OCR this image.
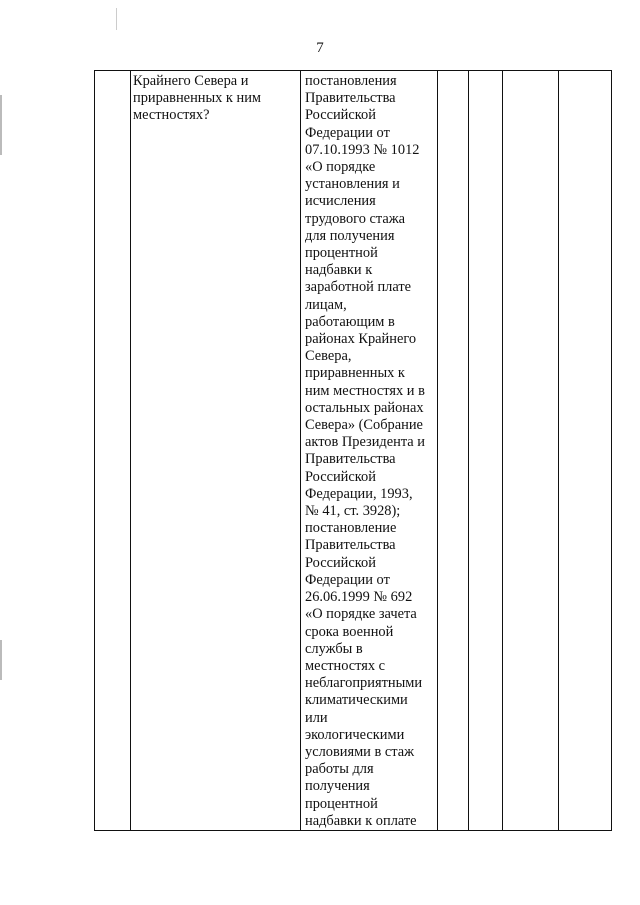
7
Крайнего Севера и
приравненных к ним
местностях?
постановления
Правительства
Российской
Федерации от
07.10.1993 № 1012
«О порядке
установления и
исчисления
трудового стажа
для получения
процентной
надбавки к
заработной плате
лицам,
работающим в
районах Крайнего
Севера,
приравненных к
ним местностях и в
остальных районах
Севера» (Собрание
актов Президента и
Правительства
Российской
Федерации, 1993,
№ 41, ст. 3928);
постановление
Правительства
Российской
Федерации от
26.06.1999 № 692
«О порядке зачета
срока военной
службы в
местностях с
неблагоприятными
климатическими
или
экологическими
условиями в стаж
работы для
получения
процентной
надбавки к оплате
